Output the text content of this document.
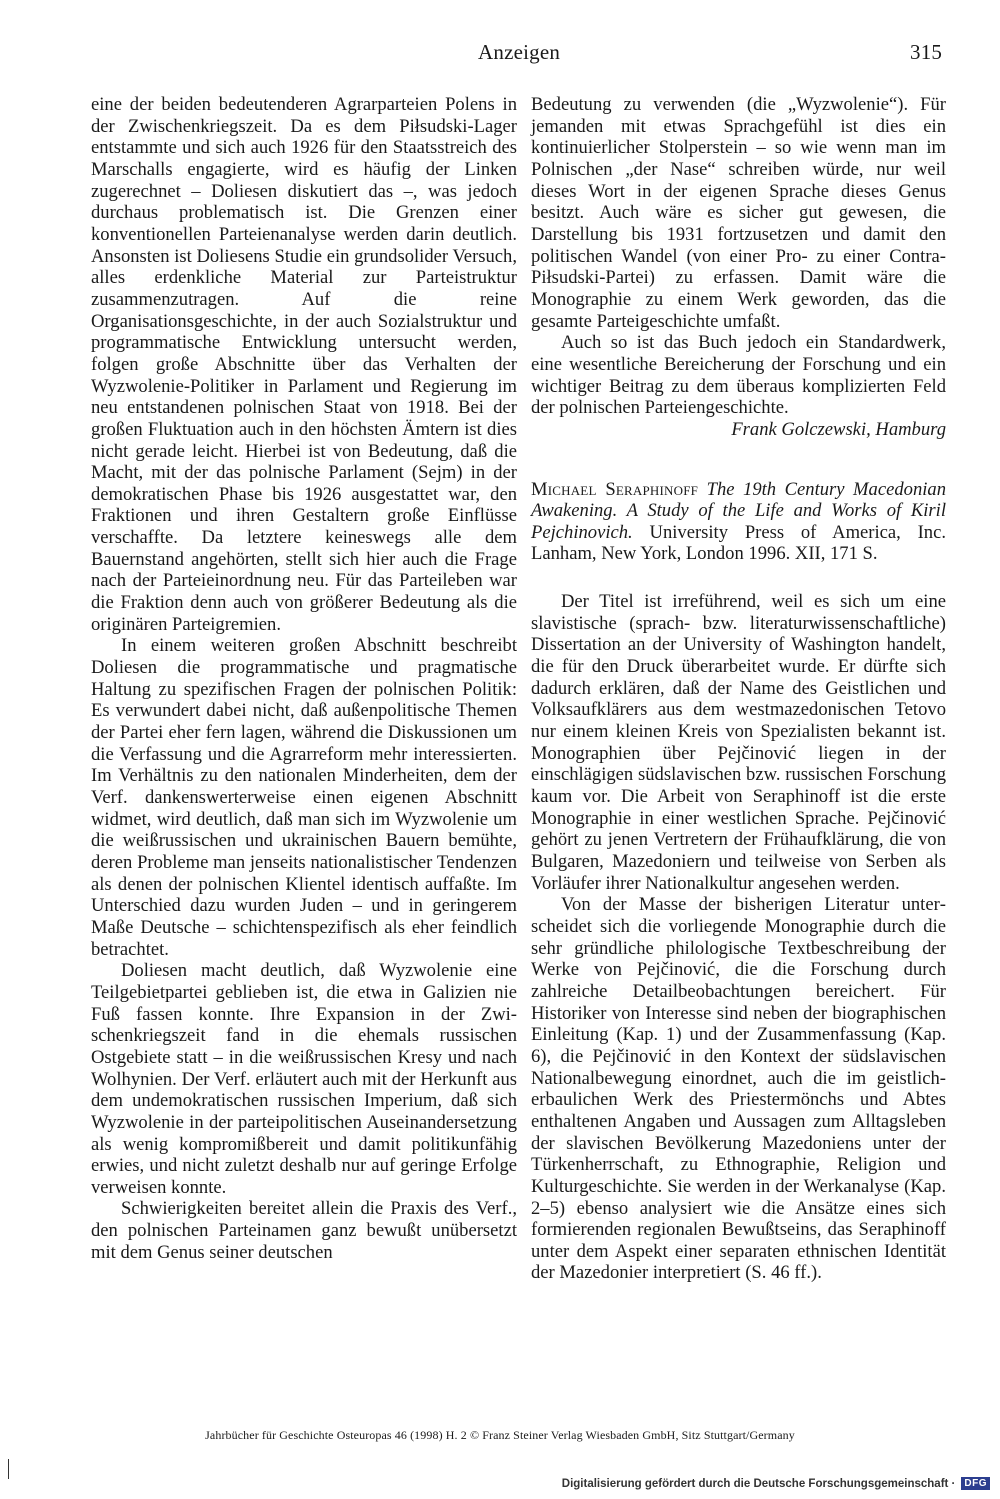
Anzeigen	315

eine der beiden bedeutenderen Agrarparteien Polens in der Zwischenkriegszeit. Da es dem Piłsudski-Lager entstammte und sich auch 1926 für den Staatsstreich des Marschalls engagierte, wird es häufig der Linken zugerechnet – Doliesen diskutiert das –, was jedoch durchaus problematisch ist. Die Grenzen einer konventionellen Parteienanalyse werden darin deutlich. Ansonsten ist Doliesens Studie ein grundsolider Versuch, alles erdenkliche Material zur Parteistruktur zusammenzutragen. Auf die reine Organisationsgeschichte, in der auch Sozialstruktur und programmatische Entwicklung untersucht werden, folgen große Abschnitte über das Verhalten der Wyzwolenie-Politiker in Parlament und Regierung im neu entstandenen polnischen Staat von 1918. Bei der großen Fluktuation auch in den höchsten Ämtern ist dies nicht gerade leicht. Hierbei ist von Bedeutung, daß die Macht, mit der das polnische Parlament (Sejm) in der demokratischen Phase bis 1926 ausgestattet war, den Fraktionen und ihren Gestaltern große Einflüsse verschaffte. Da letztere keineswegs alle dem Bauernstand angehörten, stellt sich hier auch die Frage nach der Parteieinordnung neu. Für das Parteileben war die Fraktion denn auch von größerer Bedeutung als die originären Parteigremien.

In einem weiteren großen Abschnitt beschreibt Doliesen die programmatische und pragmatische Haltung zu spezifischen Fragen der polnischen Politik: Es verwundert dabei nicht, daß außenpolitische Themen der Partei eher fern lagen, während die Diskussionen um die Verfassung und die Agrarreform mehr interessierten. Im Verhältnis zu den nationalen Minderheiten, dem der Verf. dankenswerterweise einen eigenen Abschnitt widmet, wird deutlich, daß man sich im Wyzwolenie um die weißrussischen und ukrainischen Bauern bemühte, deren Probleme man jenseits nationalistischer Tendenzen als denen der polnischen Klientel identisch auffaßte. Im Unterschied dazu wurden Juden – und in geringerem Maße Deutsche – schichtenspezifisch als eher feindlich betrachtet.

Doliesen macht deutlich, daß Wyzwolenie eine Teilgebietpartei geblieben ist, die etwa in Galizien nie Fuß fassen konnte. Ihre Expansion in der Zwischenkriegszeit fand in die ehemals russischen Ostgebiete statt – in die weißrussischen Kresy und nach Wolhynien. Der Verf. erläutert auch mit der Herkunft aus dem undemokratischen russischen Imperium, daß sich Wyzwolenie in der parteipolitischen Auseinandersetzung als wenig kompromißbereit und damit politikunfähig erwies, und nicht zuletzt deshalb nur auf geringe Erfolge verweisen konnte.

Schwierigkeiten bereitet allein die Praxis des Verf., den polnischen Parteinamen ganz bewußt unübersetzt mit dem Genus seiner deutschen

Bedeutung zu verwenden (die „Wyzwolenie“). Für jemanden mit etwas Sprachgefühl ist dies ein kontinuierlicher Stolperstein – so wie wenn man im Polnischen „der Nase“ schreiben würde, nur weil dieses Wort in der eigenen Sprache dieses Genus besitzt. Auch wäre es sicher gut gewesen, die Darstellung bis 1931 fortzusetzen und damit den politischen Wandel (von einer Pro- zu einer Contra-Piłsudski-Partei) zu erfassen. Damit wäre die Monographie zu einem Werk geworden, das die gesamte Parteigeschichte umfaßt.

Auch so ist das Buch jedoch ein Standardwerk, eine wesentliche Bereicherung der Forschung und ein wichtiger Beitrag zu dem überaus komplizierten Feld der polnischen Parteiengeschichte.

Frank Golczewski, Hamburg

Michael Seraphinoff The 19th Century Macedonian Awakening. A Study of the Life and Works of Kiril Pejchinovich. University Press of America, Inc. Lanham, New York, London 1996. XII, 171 S.

Der Titel ist irreführend, weil es sich um eine slavistische (sprach- bzw. literaturwissenschaftliche) Dissertation an der University of Washington handelt, die für den Druck überarbeitet wurde. Er dürfte sich dadurch erklären, daß der Name des Geistlichen und Volksaufklärers aus dem westmazedonischen Tetovo nur einem kleinen Kreis von Spezialisten bekannt ist. Monographien über Pejčinović liegen in der einschlägigen südslavischen bzw. russischen Forschung kaum vor. Die Arbeit von Seraphinoff ist die erste Monographie in einer westlichen Sprache. Pejčinović gehört zu jenen Vertretern der Frühaufklärung, die von Bulgaren, Mazedoniern und teilweise von Serben als Vorläufer ihrer Nationalkultur angesehen werden.

Von der Masse der bisherigen Literatur unterscheidet sich die vorliegende Monographie durch die sehr gründliche philologische Textbeschreibung der Werke von Pejčinović, die die Forschung durch zahlreiche Detailbeobachtungen bereichert. Für Historiker von Interesse sind neben der biographischen Einleitung (Kap. 1) und der Zusammenfassung (Kap. 6), die Pejčinović in den Kontext der südslavischen Nationalbewegung einordnet, auch die im geistlich-erbaulichen Werk des Priestermönchs und Abtes enthaltenen Angaben und Aussagen zum Alltagsleben der slavischen Bevölkerung Mazedoniens unter der Türkenherrschaft, zu Ethnographie, Religion und Kulturgeschichte. Sie werden in der Werkanalyse (Kap. 2–5) ebenso analysiert wie die Ansätze eines sich formierenden regionalen Bewußtseins, das Seraphinoff unter dem Aspekt einer separaten ethnischen Identität der Mazedonier interpretiert (S. 46 ff.).

Jahrbücher für Geschichte Osteuropas 46 (1998) H. 2 © Franz Steiner Verlag Wiesbaden GmbH, Sitz Stuttgart/Germany
Digitalisierung gefördert durch die Deutsche Forschungsgemeinschaft · DFG
